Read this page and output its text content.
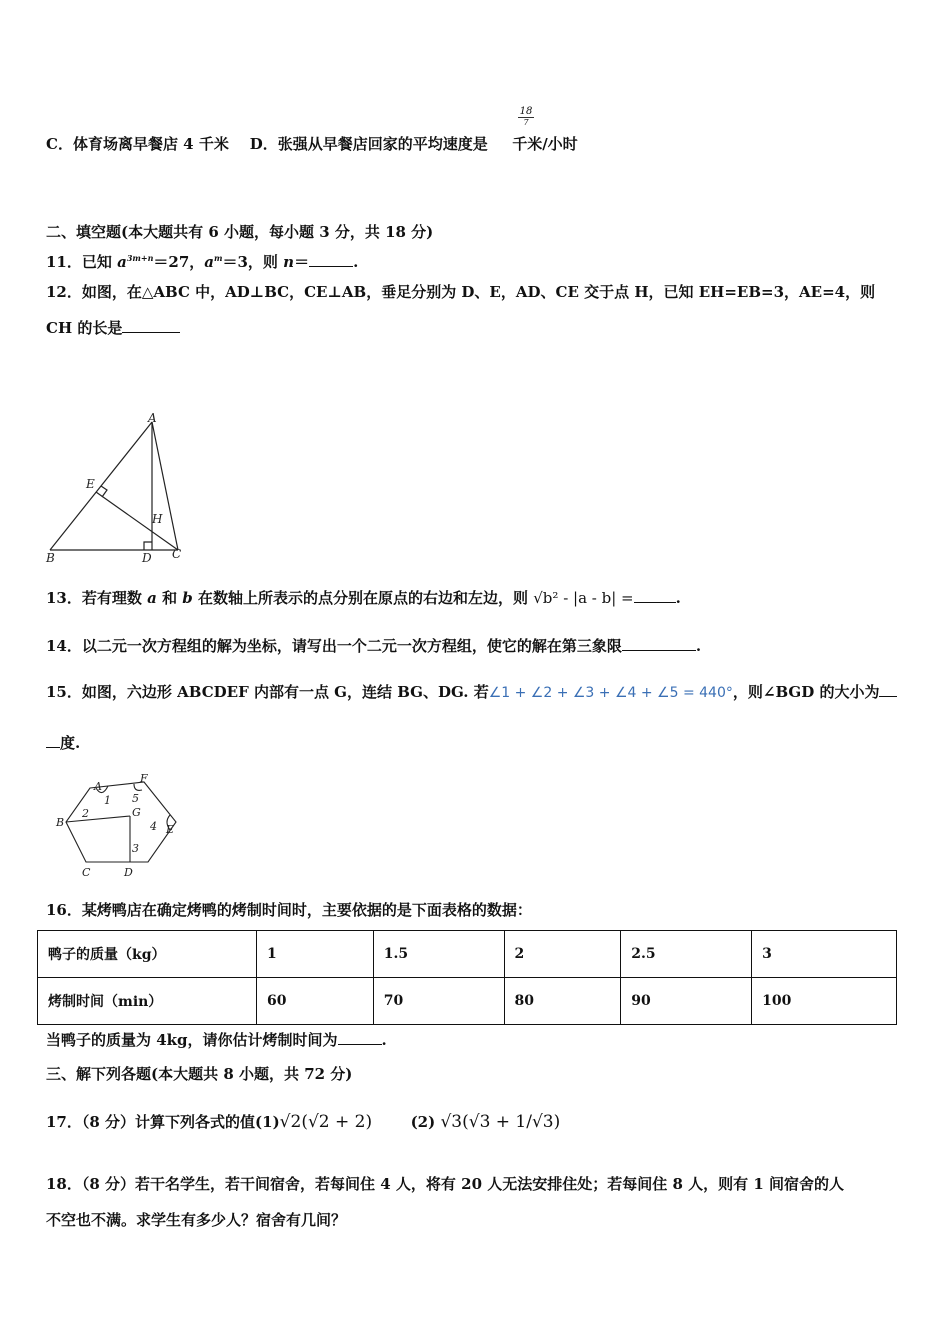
C．体育场离早餐店 4 千米 D．张强从早餐店回家的平均速度是 千米/小时
18
7
二、填空题(本大题共有 6 小题，每小题 3 分，共 18 分)
11．已知 $a^{3m+n}=27$，$a^m=3$，则 n＝	.
12．如图，在△ABC 中，AD⊥BC，CE⊥AB，垂足分别为 D、E，AD、CE 交于点 H，已知 EH=EB=3，AE=4，则
CH 的长是
A
E
H
B	D C
13．若有理数 a 和 b 在数轴上所表示的点分别在原点的右边和左边，则 √b² - |a - b| =	.
14．以二元一次方程组的解为坐标，请写出一个二元一次方程组，使它的解在第三象限	.
15．如图，六边形 ABCDEF 内部有一点 G，连结 BG、DG. 若∠1 + ∠2 + ∠3 + ∠4 + ∠5 = 440°，则∠BGD 的大小为
度.
A
F
B
G
E
C	D
1
2
3
4
5
16．某烤鸭店在确定烤鸭的烤制时间时，主要依据的是下面表格的数据：
鸭子的质量（kg）	1	1.5	2	2.5	3
烤制时间（min）	60	70	80	90	100
当鸭子的质量为 4kg，请你估计烤制时间为	.
三、解下列各题(本大题共 8 小题，共 72 分)
17．（8 分）计算下列各式的值(1)√2(√2 + 2)	(2) √3(√3 + 1/√3)
18．（8 分）若干名学生，若干间宿舍，若每间住 4 人，将有 20 人无法安排住处；若每间住 8 人，则有 1 间宿舍的人
不空也不满。求学生有多少人？宿舍有几间？
